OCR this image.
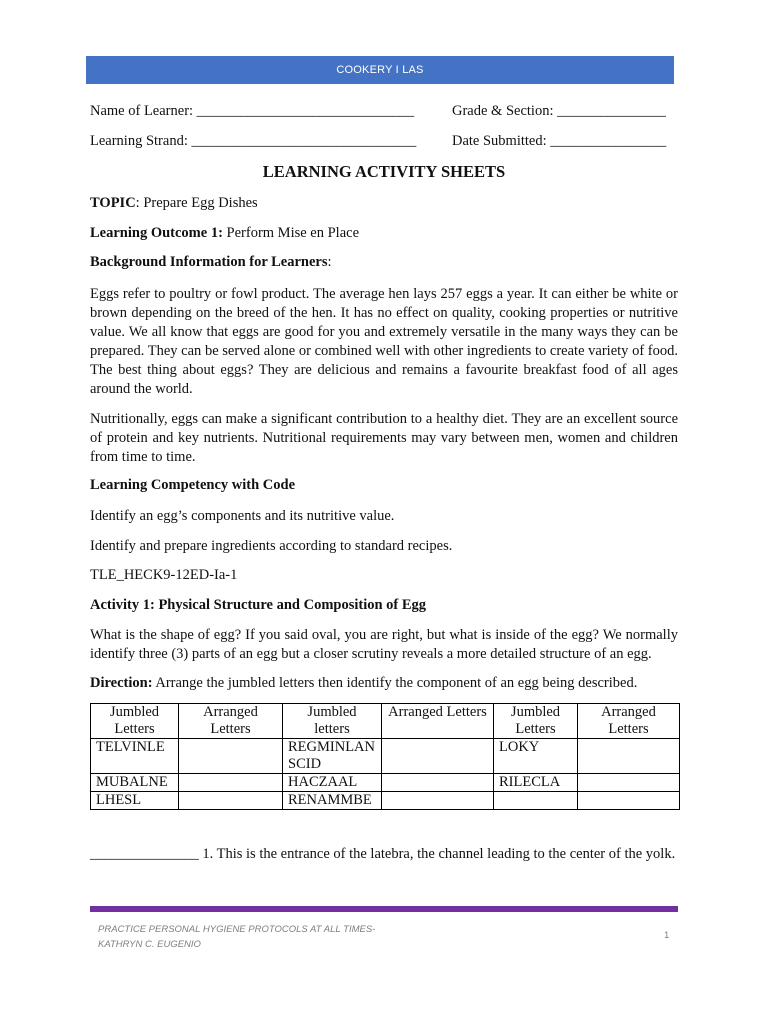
COOKERY I LAS
Name of Learner: ______________________________	Grade & Section: _______________
Learning Strand: _______________________________ Date Submitted: ________________
LEARNING ACTIVITY SHEETS
TOPIC: Prepare Egg Dishes
Learning Outcome 1: Perform Mise en Place
Background Information for Learners:
Eggs refer to poultry or fowl product. The average hen lays 257 eggs a year. It can either be white or brown depending on the breed of the hen. It has no effect on quality, cooking properties or nutritive value. We all know that eggs are good for you and extremely versatile in the many ways they can be prepared. They can be served alone or combined well with other ingredients to create variety of food. The best thing about eggs? They are delicious and remains a favourite breakfast food of all ages around the world.
Nutritionally, eggs can make a significant contribution to a healthy diet. They are an excellent source of protein and key nutrients. Nutritional requirements may vary between men, women and children from time to time.
Learning Competency with Code
Identify an egg’s components and its nutritive value.
Identify and prepare ingredients according to standard recipes.
TLE_HECK9-12ED-Ia-1
Activity 1: Physical Structure and Composition of Egg
What is the shape of egg? If you said oval, you are right, but what is inside of the egg? We normally identify three (3) parts of an egg but a closer scrutiny reveals a more detailed structure of an egg.
Direction: Arrange the jumbled letters then identify the component of an egg being described.
Jumbled Letters	Arranged Letters	Jumbled letters	Arranged Letters	Jumbled Letters	Arranged Letters
TELVINLE		REGMINLAN SCID		LOKY	
MUBALNE		HACZAAL		RILECLA	
LHESL		RENAMMBE			
_______________ 1. This is the entrance of the latebra, the channel leading to the center of the yolk.
PRACTICE PERSONAL HYGIENE PROTOCOLS AT ALL TIMES-
KATHRYN C. EUGENIO
1
